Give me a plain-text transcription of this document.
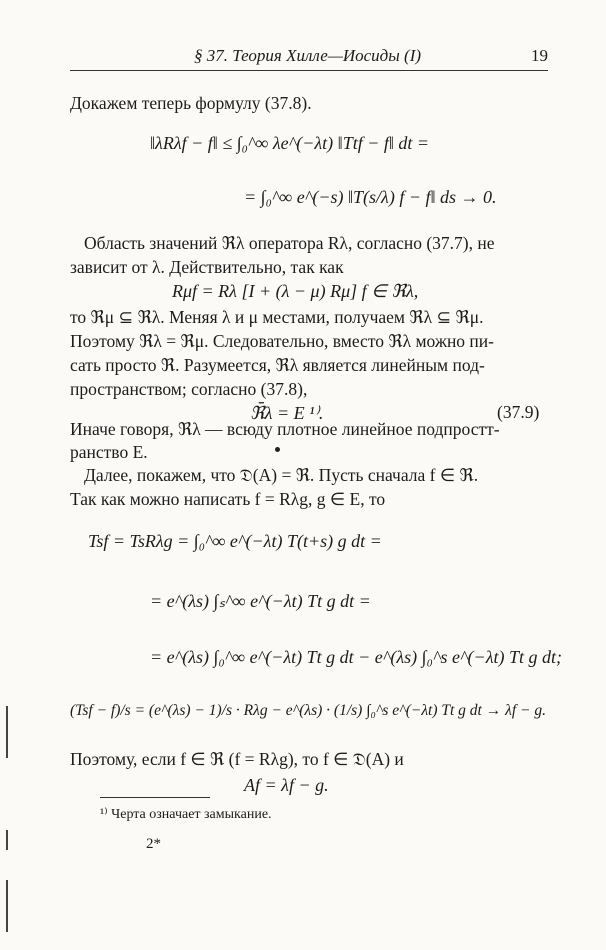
§ 37. Теория Хилле—Иосиды (I)	19
Докажем теперь формулу (37.8).
‖λRλf − f‖ ≤ ∫₀^∞ λe^(−λt) ‖Ttf − f‖ dt =
= ∫₀^∞ e^(−s) ‖T(s/λ) f − f‖ ds → 0.
Область значений ℜλ оператора Rλ, согласно (37.7), не
зависит от λ. Действительно, так как
Rμf = Rλ [I + (λ − μ) Rμ] f ∈ ℜλ,
то ℜμ ⊆ ℜλ. Меняя λ и μ местами, получаем ℜλ ⊆ ℜμ.
Поэтому ℜλ = ℜμ. Следовательно, вместо ℜλ можно пи-
сать просто ℜ. Разумеется, ℜλ является линейным под-
пространством; согласно (37.8),
ℜ̄λ = E ¹⁾.	(37.9)
Иначе говоря, ℜλ — всюду плотное линейное подпростт-
ранство E.
Далее, покажем, что 𝔇(A) = ℜ. Пусть сначала f ∈ ℜ.
Так как можно написать f = Rλg, g ∈ E, то
Tsf = TsRλg = ∫₀^∞ e^(−λt) T(t+s) g dt =
= e^(λs) ∫ₛ^∞ e^(−λt) Tt g dt =
= e^(λs) ∫₀^∞ e^(−λt) Tt g dt − e^(λs) ∫₀^s e^(−λt) Tt g dt;
(Tsf − f)/s = (e^(λs) − 1)/s · Rλg − e^(λs) · (1/s) ∫₀^s e^(−λt) Tt g dt → λf − g.
Поэтому, если f ∈ ℜ (f = Rλg), то f ∈ 𝔇(A) и
Af = λf − g.
¹⁾ Черта означает замыкание.
2*
